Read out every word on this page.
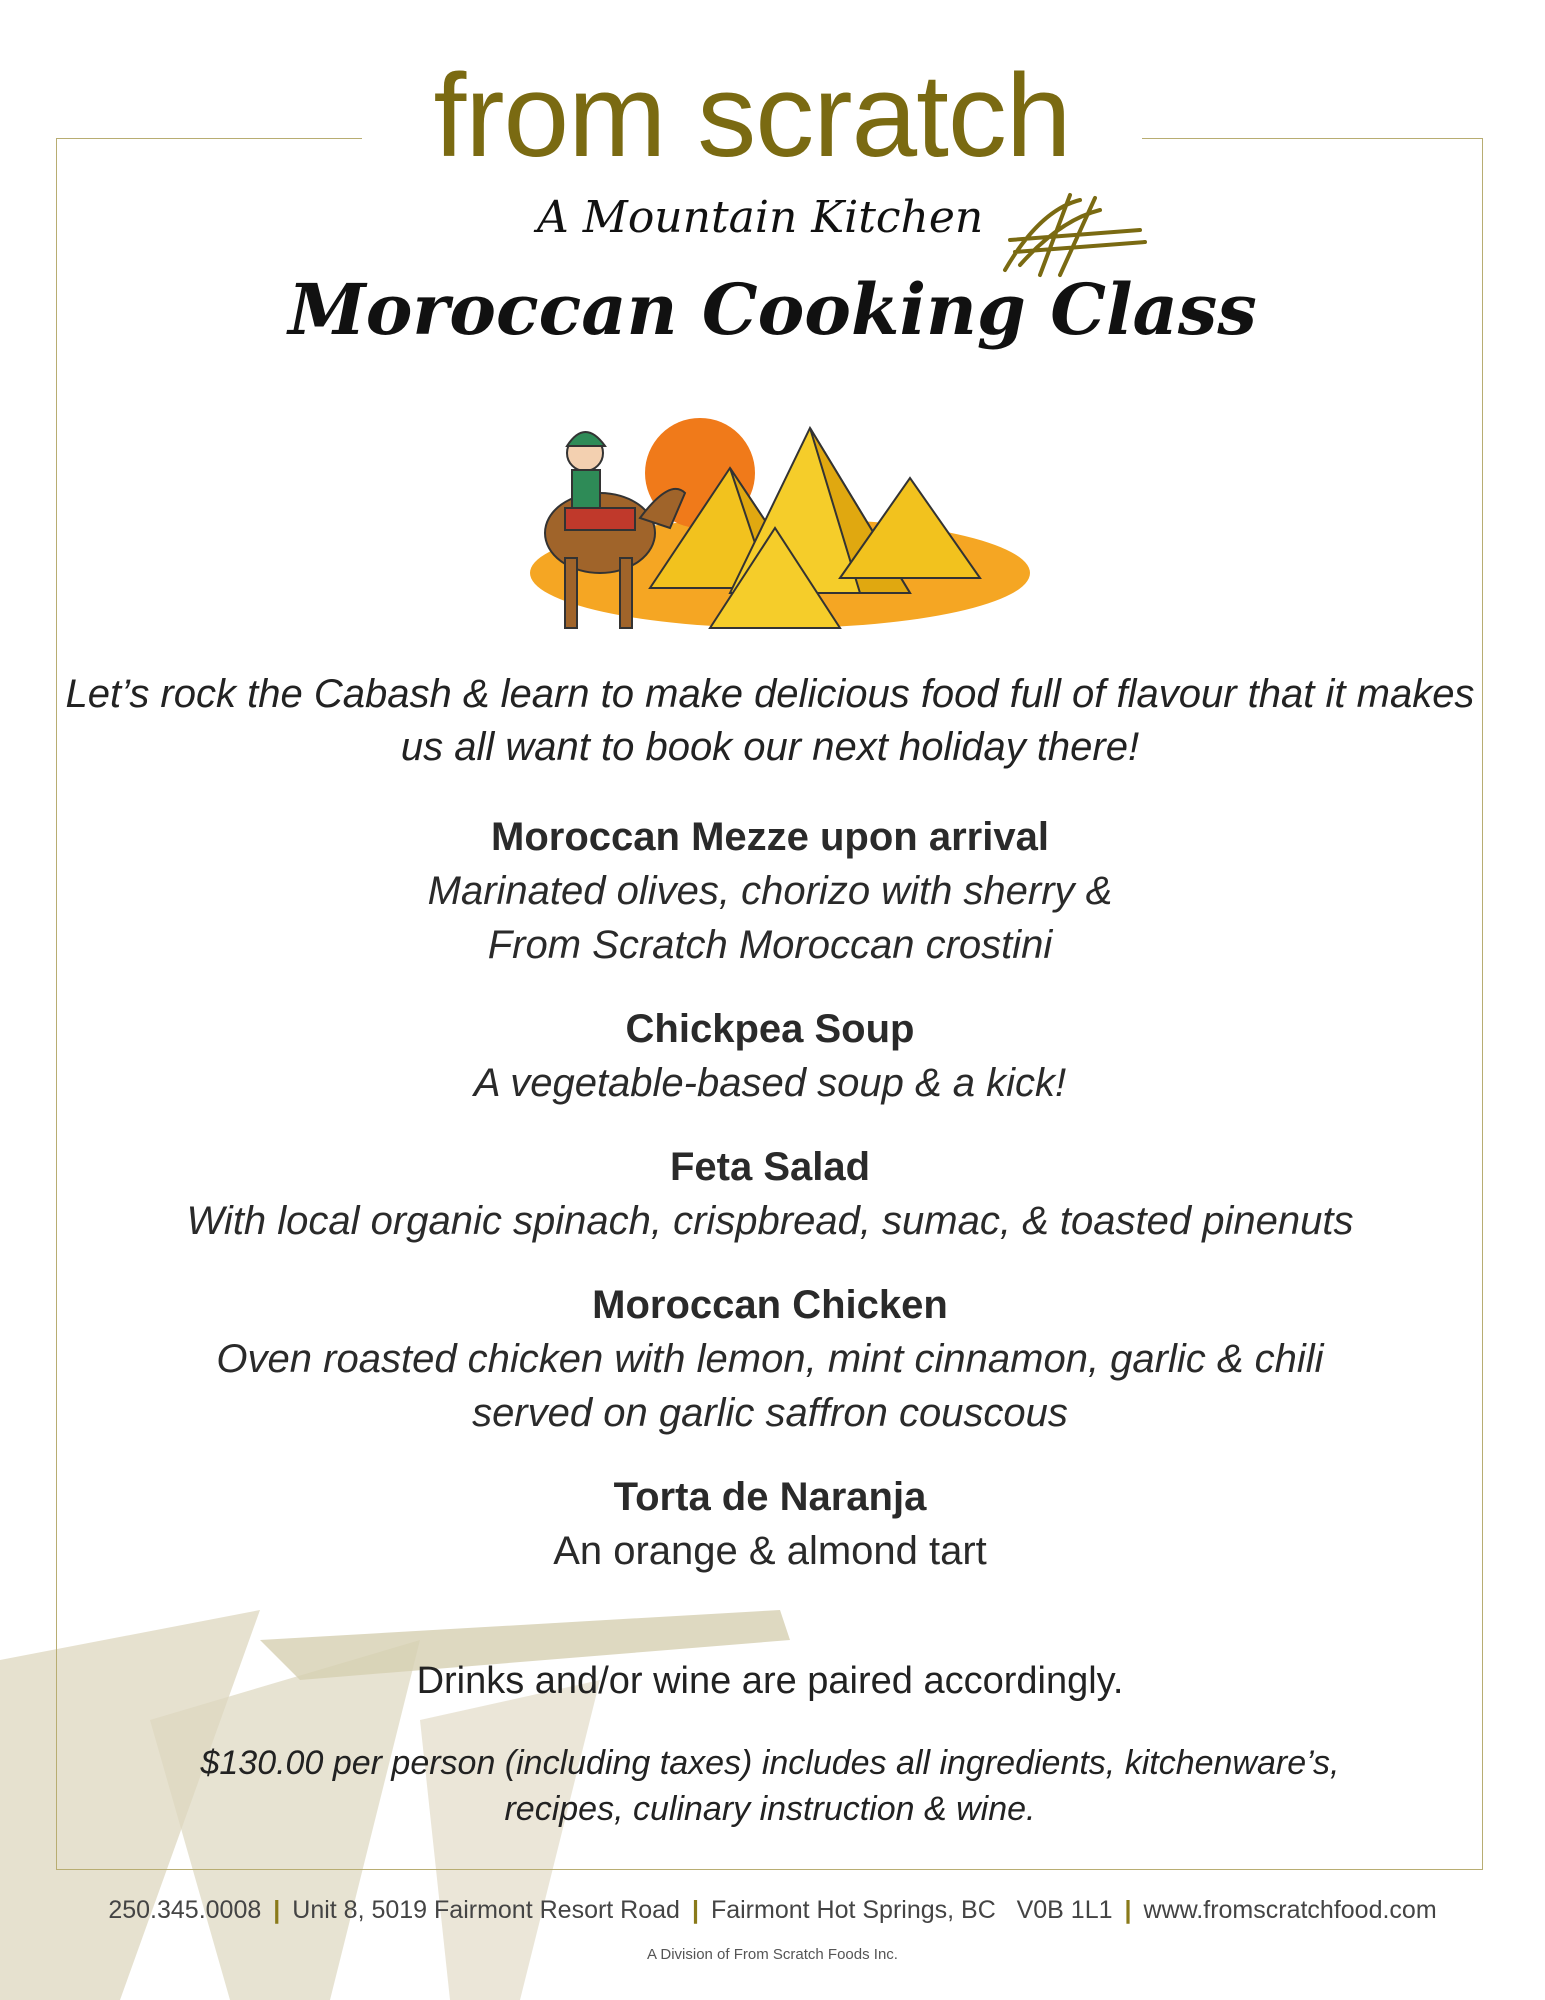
from scratch
A Mountain Kitchen
Moroccan Cooking Class
Let’s rock the Cabash & learn to make delicious food full of flavour that it makes us all want to book our next holiday there!
Moroccan Mezze upon arrival
Marinated olives, chorizo with sherry &
From Scratch Moroccan crostini
Chickpea Soup
A vegetable-based soup & a kick!
Feta Salad
With local organic spinach, crispbread, sumac, & toasted pinenuts
Moroccan Chicken
Oven roasted chicken with lemon, mint cinnamon, garlic & chili
served on garlic saffron couscous
Torta de Naranja
An orange & almond tart
Drinks and/or wine are paired accordingly.
$130.00 per person (including taxes) includes all ingredients, kitchenware’s,
recipes, culinary instruction & wine.
250.345.0008 | Unit 8, 5019 Fairmont Resort Road | Fairmont Hot Springs, BC   V0B 1L1 | www.fromscratchfood.com
A Division of From Scratch Foods Inc.
